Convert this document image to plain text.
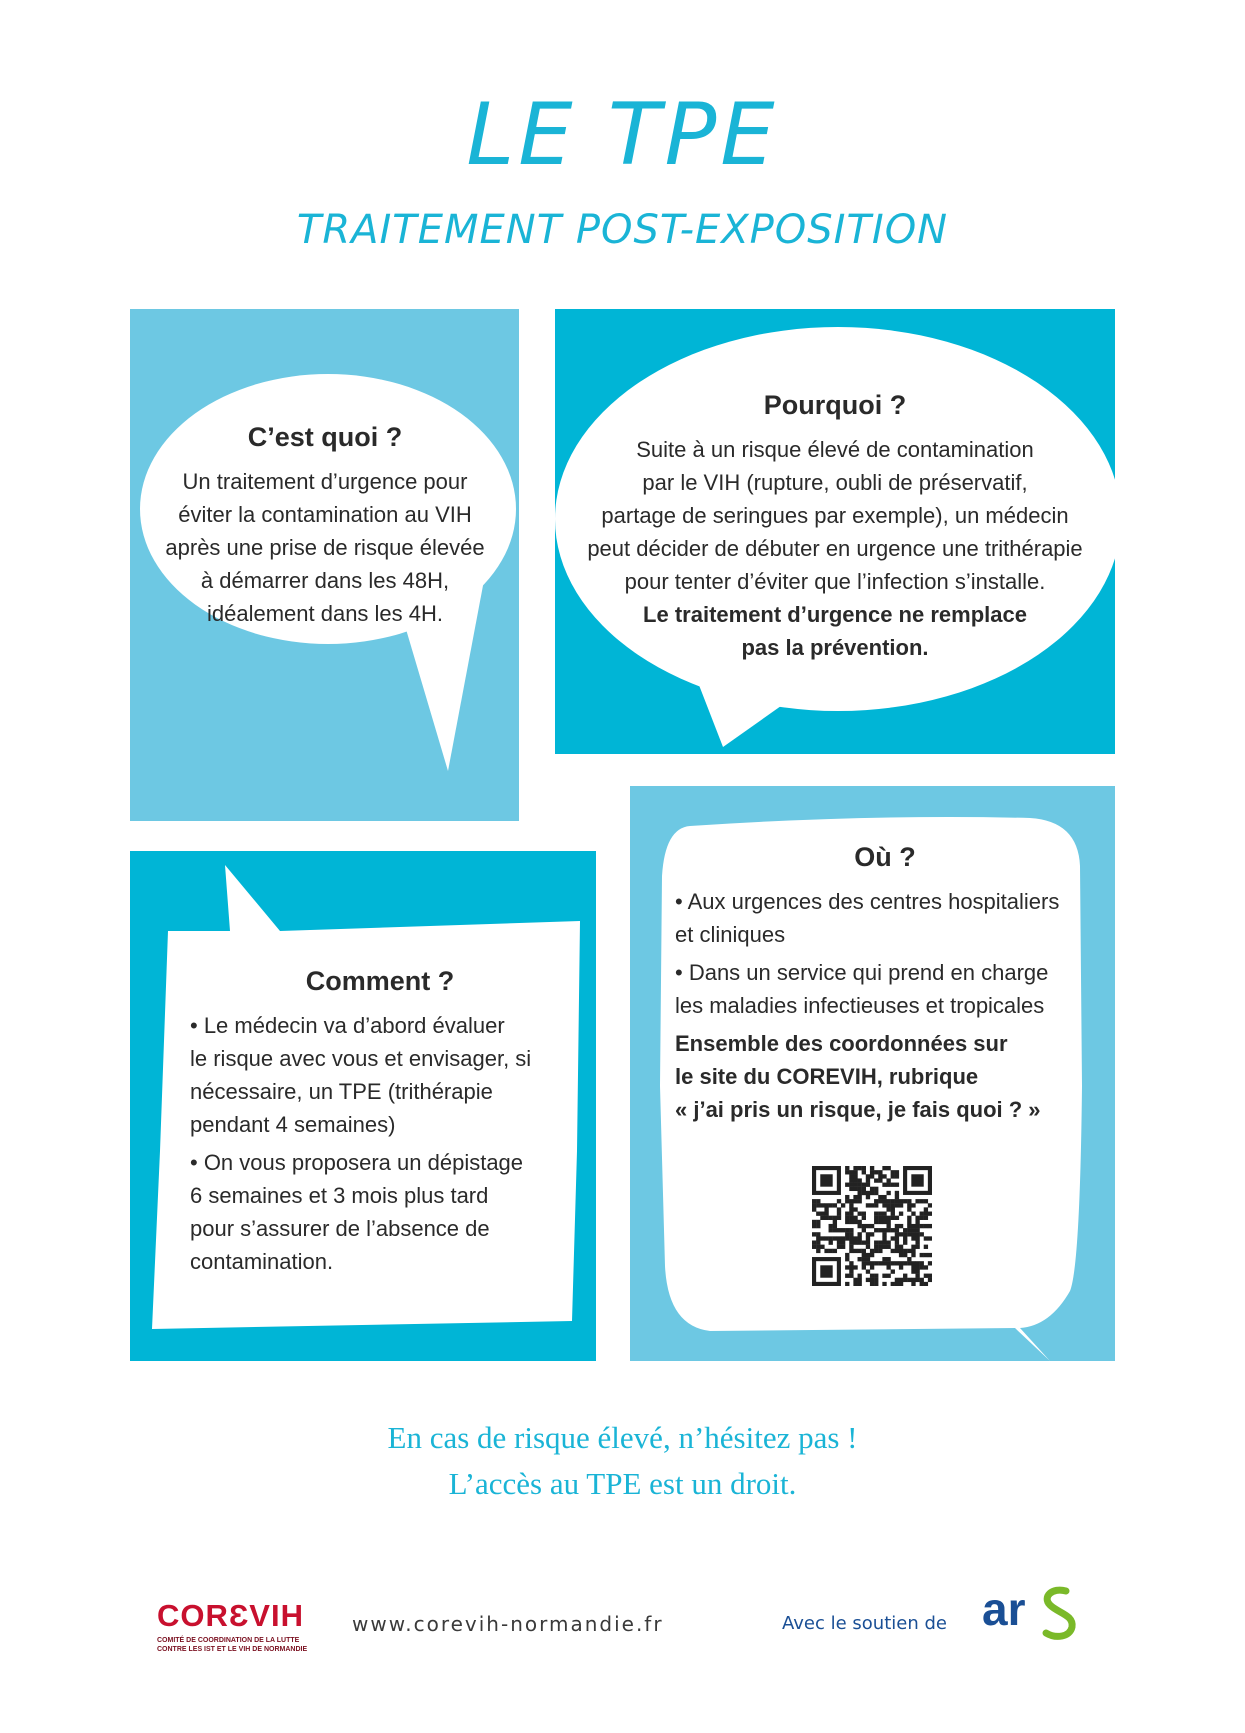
LE TPE
TRAITEMENT POST-EXPOSITION
C’est quoi ?
Un traitement d’urgence pour
éviter la contamination au VIH
après une prise de risque élevée
à démarrer dans les 48H,
idéalement dans les 4H.
Pourquoi ?
Suite à un risque élevé de contamination
par le VIH (rupture, oubli de préservatif,
partage de seringues par exemple), un médecin
peut décider de débuter en urgence une trithérapie
pour tenter d’éviter que l’infection s’installe.
Le traitement d’urgence ne remplace
pas la prévention.
Comment ?
• Le médecin va d’abord évaluer
le risque avec vous et envisager, si
nécessaire, un TPE (trithérapie
pendant 4 semaines)
• On vous proposera un dépistage
6 semaines et 3 mois plus tard
pour s’assurer de l’absence de
contamination.
Où ?
• Aux urgences des centres hospitaliers
et cliniques
• Dans un service qui prend en charge
les maladies infectieuses et tropicales
Ensemble des coordonnées sur
le site du COREVIH, rubrique
« j’ai pris un risque, je fais quoi ? »
En cas de risque élevé, n’hésitez pas !
L’accès au TPE est un droit.
CORƐVIH
COMITÉ DE COORDINATION DE LA LUTTE
CONTRE LES IST ET LE VIH DE NORMANDIE
www.corevih-normandie.fr	Avec le soutien de ar
